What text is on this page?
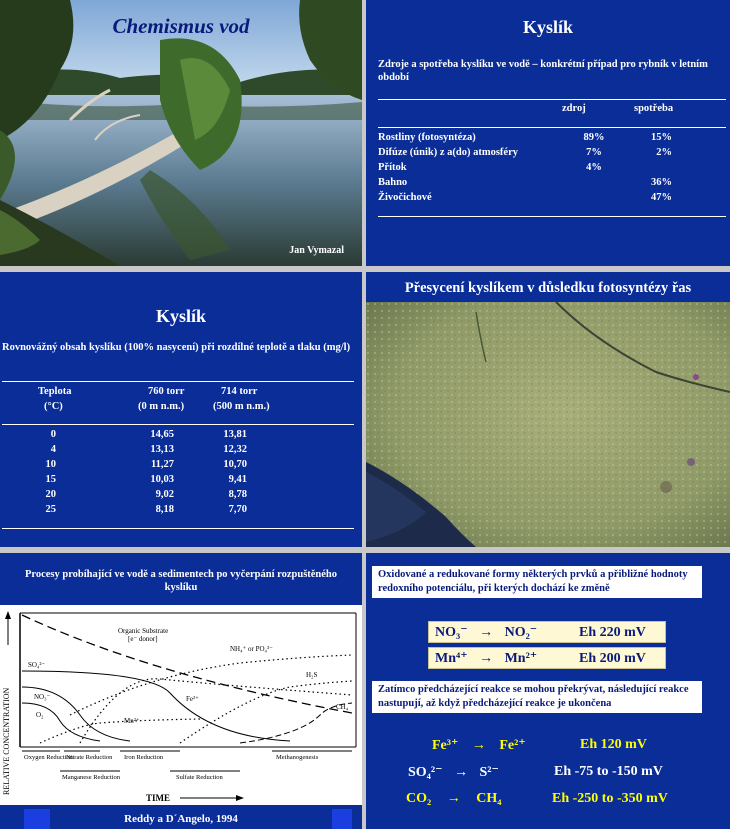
Chemismus vod
Jan Vymazal
Kyslík
Zdroje a spotřeba kyslíku ve vodě – konkrétní případ pro rybník v letním období
zdroj	spotřeba
Rostliny (fotosyntéza)	89%	15%
Difúze (únik) z a(do) atmosféry	7%	2%
Přítok	4%	
Bahno		36%
Živočichové		47%
Kyslík
Rovnovážný obsah kyslíku (100% nasycení) při rozdílné teplotě a tlaku (mg/l)
Teplota
(°C)
760 torr
(0 m n.m.)
714 torr
(500 m n.m.)
0	14,65	13,81
4	13,13	12,32
10	11,27	10,70
15	10,03	9,41
20	9,02	8,78
25	8,18	7,70
Přesycení kyslíkem v důsledku fotosyntézy řas
Procesy probíhající ve vodě a sedimentech po vyčerpání rozpuštěného kyslíku
RELATIVE CONCENTRATION
Organic Substrate
[e⁻ donor]
NH₄⁺ or PO₄³⁻
H₂S
SO₄²⁻
NO₃⁻
O₂
Mn²⁺
Fe²⁺
CH₄
Oxygen Reduction
Nitrate Reduction Iron Reduction	Methanogenesis
Manganese Reduction	Sulfate Reduction
TIME
Reddy a D´Angelo, 1994
Oxidované a redukované formy některých prvků a přibližné hodnoty redoxního potenciálu, při kterých dochází ke změně
NO₃⁻ → NO₂⁻	Eh 220 mV
Mn⁴⁺ → Mn²⁺	Eh 200 mV
Zatímco předcházející reakce se mohou překrývat, následující reakce nastupují, až když předcházející reakce je ukončena
Fe³⁺ → Fe²⁺	Eh 120 mV
SO₄²⁻ → S²⁻	Eh -75 to -150 mV
CO₂ → CH₄	Eh -250 to -350 mV
